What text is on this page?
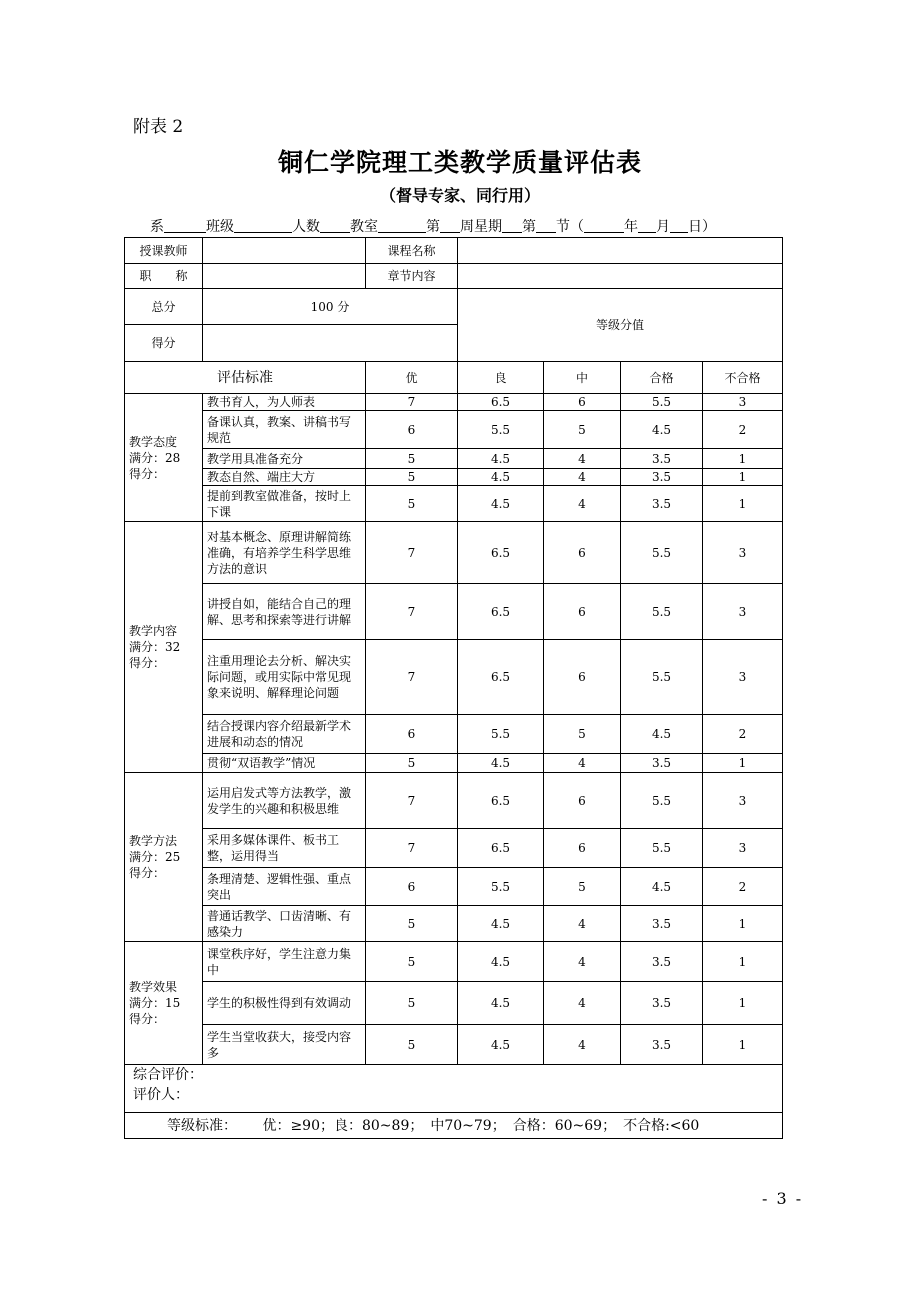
附表 2
铜仁学院理工类教学质量评估表
（督导专家、同行用）
系	班级	人数 教室	第 周星期 第 节（	年 月 日）
授课教师		课程名称				
职　　称		章节内容				
总分	100 分		等级分值			
得分						
评估标准		优	良	中	合格	不合格

教学态度
满分：28
得分：	教书育人，为人师表	7	6.5	6	5.5	3
	备课认真，教案、讲稿书写规范	6	5.5	5	4.5	2
	教学用具准备充分	5	4.5	4	3.5	1
	教态自然、端庄大方	5	4.5	4	3.5	1
	提前到教室做准备，按时上下课	5	4.5	4	3.5	1

教学内容
满分：32
得分：	对基本概念、原理讲解简练准确，有培养学生科学思维方法的意识	7	6.5	6	5.5	3
	讲授自如，能结合自己的理解、思考和探索等进行讲解	7	6.5	6	5.5	3
	注重用理论去分析、解决实际问题，或用实际中常见现象来说明、解释理论问题	7	6.5	6	5.5	3
	结合授课内容介绍最新学术进展和动态的情况	6	5.5	5	4.5	2
	贯彻“双语教学”情况	5	4.5	4	3.5	1

教学方法
满分：25
得分：	运用启发式等方法教学，激发学生的兴趣和积极思维	7	6.5	6	5.5	3
	采用多媒体课件、板书工整，运用得当	7	6.5	6	5.5	3
	条理清楚、逻辑性强、重点突出	6	5.5	5	4.5	2
	普通话教学、口齿清晰、有感染力	5	4.5	4	3.5	1

教学效果
满分：15
得分：	课堂秩序好，学生注意力集中	5	4.5	4	3.5	1
	学生的积极性得到有效调动	5	4.5	4	3.5	1
	学生当堂收获大，接受内容多	5	4.5	4	3.5	1

综合评价：
评价人：						

等级标准：　　 优：≥90；良：80~89；　中70~79；　合格：60~69；　不合格:<60						
- 3 -
